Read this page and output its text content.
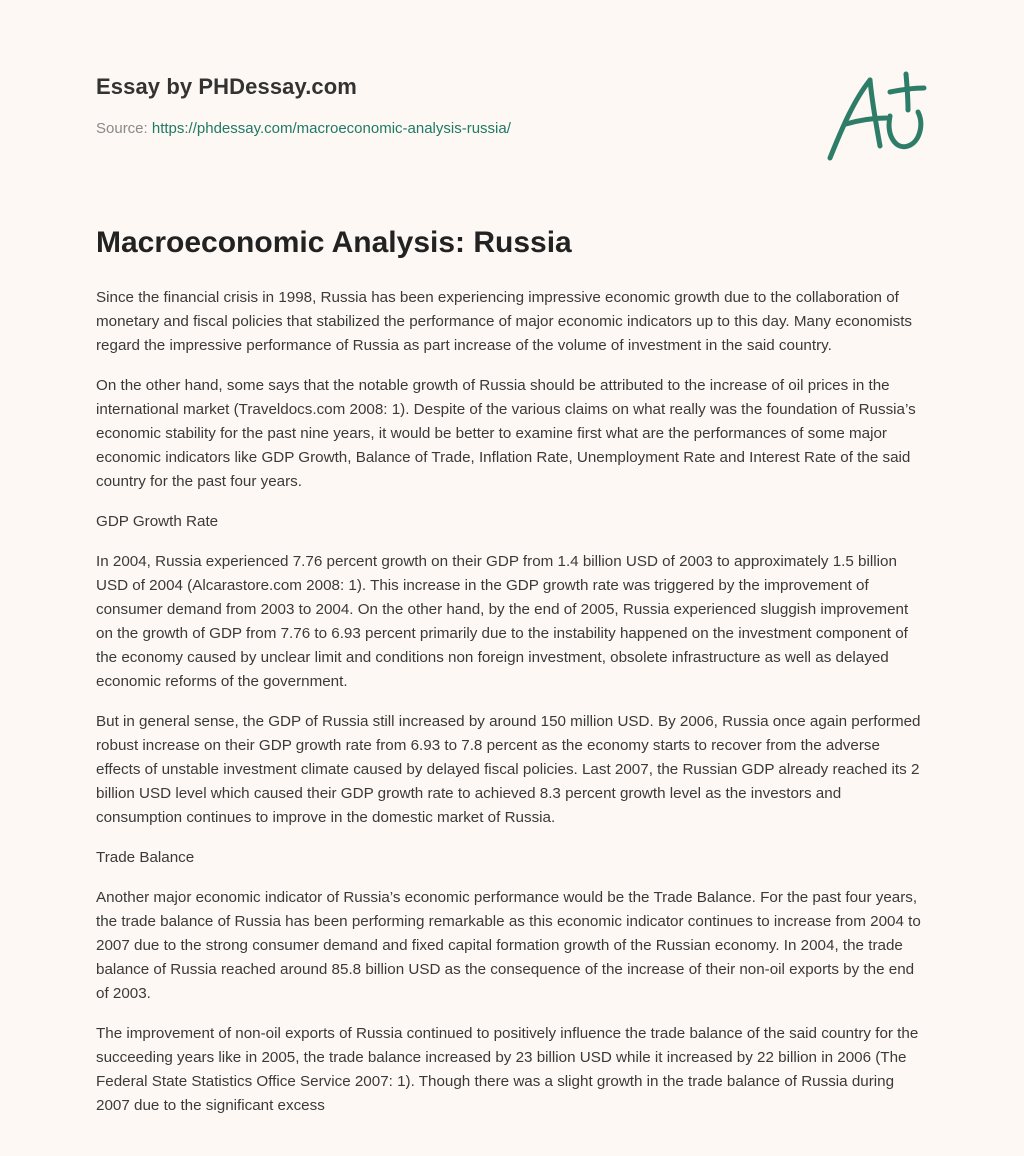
Essay by PHDessay.com
Source: https://phdessay.com/macroeconomic-analysis-russia/
Macroeconomic Analysis: Russia

Since the financial crisis in 1998, Russia has been experiencing impressive economic growth due to the collaboration of monetary and fiscal policies that stabilized the performance of major economic indicators up to this day. Many economists regard the impressive performance of Russia as part increase of the volume of investment in the said country.

On the other hand, some says that the notable growth of Russia should be attributed to the increase of oil prices in the international market (Traveldocs.com 2008: 1). Despite of the various claims on what really was the foundation of Russia’s economic stability for the past nine years, it would be better to examine first what are the performances of some major economic indicators like GDP Growth, Balance of Trade, Inflation Rate, Unemployment Rate and Interest Rate of the said country for the past four years.

GDP Growth Rate

In 2004, Russia experienced 7.76 percent growth on their GDP from 1.4 billion USD of 2003 to approximately 1.5 billion USD of 2004 (Alcarastore.com 2008: 1). This increase in the GDP growth rate was triggered by the improvement of consumer demand from 2003 to 2004. On the other hand, by the end of 2005, Russia experienced sluggish improvement on the growth of GDP from 7.76 to 6.93 percent primarily due to the instability happened on the investment component of the economy caused by unclear limit and conditions non foreign investment, obsolete infrastructure as well as delayed economic reforms of the government.

But in general sense, the GDP of Russia still increased by around 150 million USD. By 2006, Russia once again performed robust increase on their GDP growth rate from 6.93 to 7.8 percent as the economy starts to recover from the adverse effects of unstable investment climate caused by delayed fiscal policies. Last 2007, the Russian GDP already reached its 2 billion USD level which caused their GDP growth rate to achieved 8.3 percent growth level as the investors and consumption continues to improve in the domestic market of Russia.

Trade Balance

Another major economic indicator of Russia’s economic performance would be the Trade Balance. For the past four years, the trade balance of Russia has been performing remarkable as this economic indicator continues to increase from 2004 to 2007 due to the strong consumer demand and fixed capital formation growth of the Russian economy. In 2004, the trade balance of Russia reached around 85.8 billion USD as the consequence of the increase of their non-oil exports by the end of 2003.

The improvement of non-oil exports of Russia continued to positively influence the trade balance of the said country for the succeeding years like in 2005, the trade balance increased by 23 billion USD while it increased by 22 billion in 2006 (The Federal State Statistics Office Service 2007: 1). Though there was a slight growth in the trade balance of Russia during 2007 due to the significant excess
